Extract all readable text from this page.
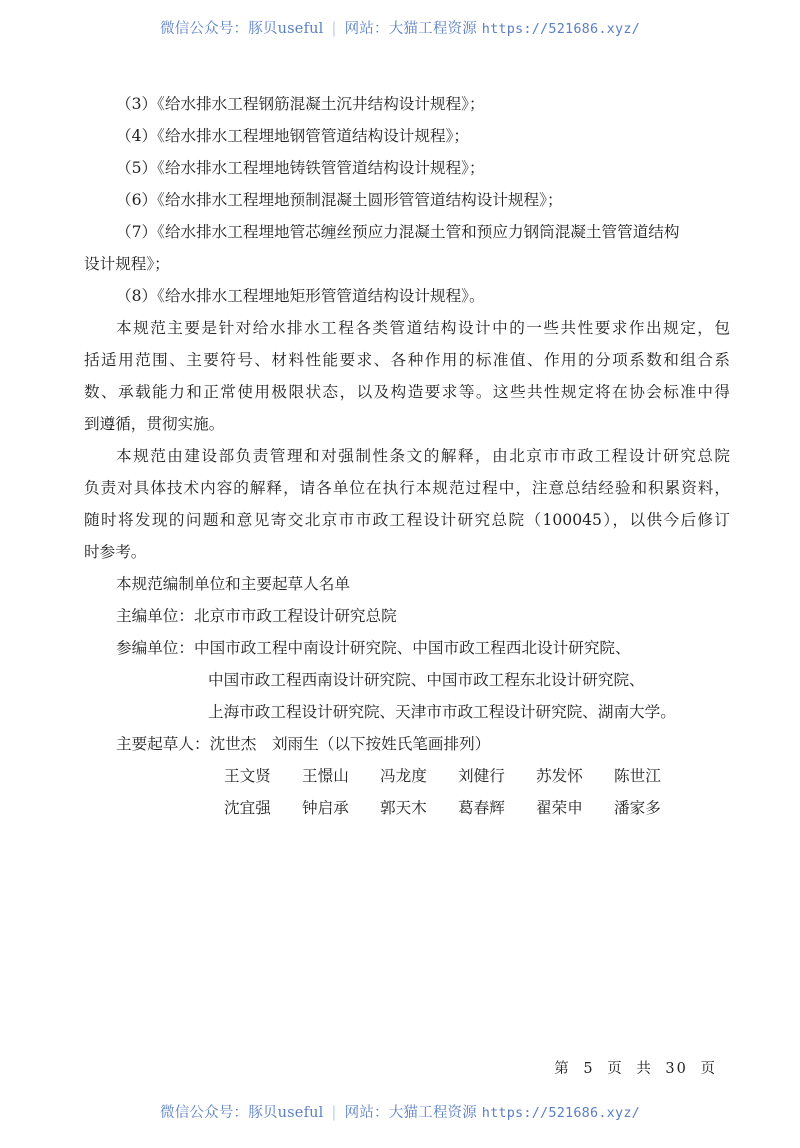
微信公众号：豚贝useful | 网站：大猫工程资源 https://521686.xyz/
（3）《给水排水工程钢筋混凝土沉井结构设计规程》；
（4）《给水排水工程埋地钢管管道结构设计规程》；
（5）《给水排水工程埋地铸铁管管道结构设计规程》；
（6）《给水排水工程埋地预制混凝土圆形管管道结构设计规程》；
（7）《给水排水工程埋地管芯缠丝预应力混凝土管和预应力钢筒混凝土管管道结构
设计规程》；
（8）《给水排水工程埋地矩形管管道结构设计规程》。
本规范主要是针对给水排水工程各类管道结构设计中的一些共性要求作出规定，包
括适用范围、主要符号、材料性能要求、各种作用的标准值、作用的分项系数和组合系
数、承载能力和正常使用极限状态，以及构造要求等。这些共性规定将在协会标准中得
到遵循，贯彻实施。
本规范由建设部负责管理和对强制性条文的解释，由北京市市政工程设计研究总院
负责对具体技术内容的解释，请各单位在执行本规范过程中，注意总结经验和积累资料，
随时将发现的问题和意见寄交北京市市政工程设计研究总院（100045），以供今后修订
时参考。
本规范编制单位和主要起草人名单
主编单位：北京市市政工程设计研究总院
参编单位：中国市政工程中南设计研究院、中国市政工程西北设计研究院、
中国市政工程西南设计研究院、中国市政工程东北设计研究院、
上海市政工程设计研究院、天津市市政工程设计研究院、湖南大学。
主要起草人：沈世杰　刘雨生（以下按姓氏笔画排列）
王文贤	王憬山	冯龙度	刘健行	苏发怀	陈世江
沈宜强	钟启承	郭天木	葛春辉	翟荣申	潘家多
第 5 页 共 30 页
微信公众号：豚贝useful | 网站：大猫工程资源 https://521686.xyz/
